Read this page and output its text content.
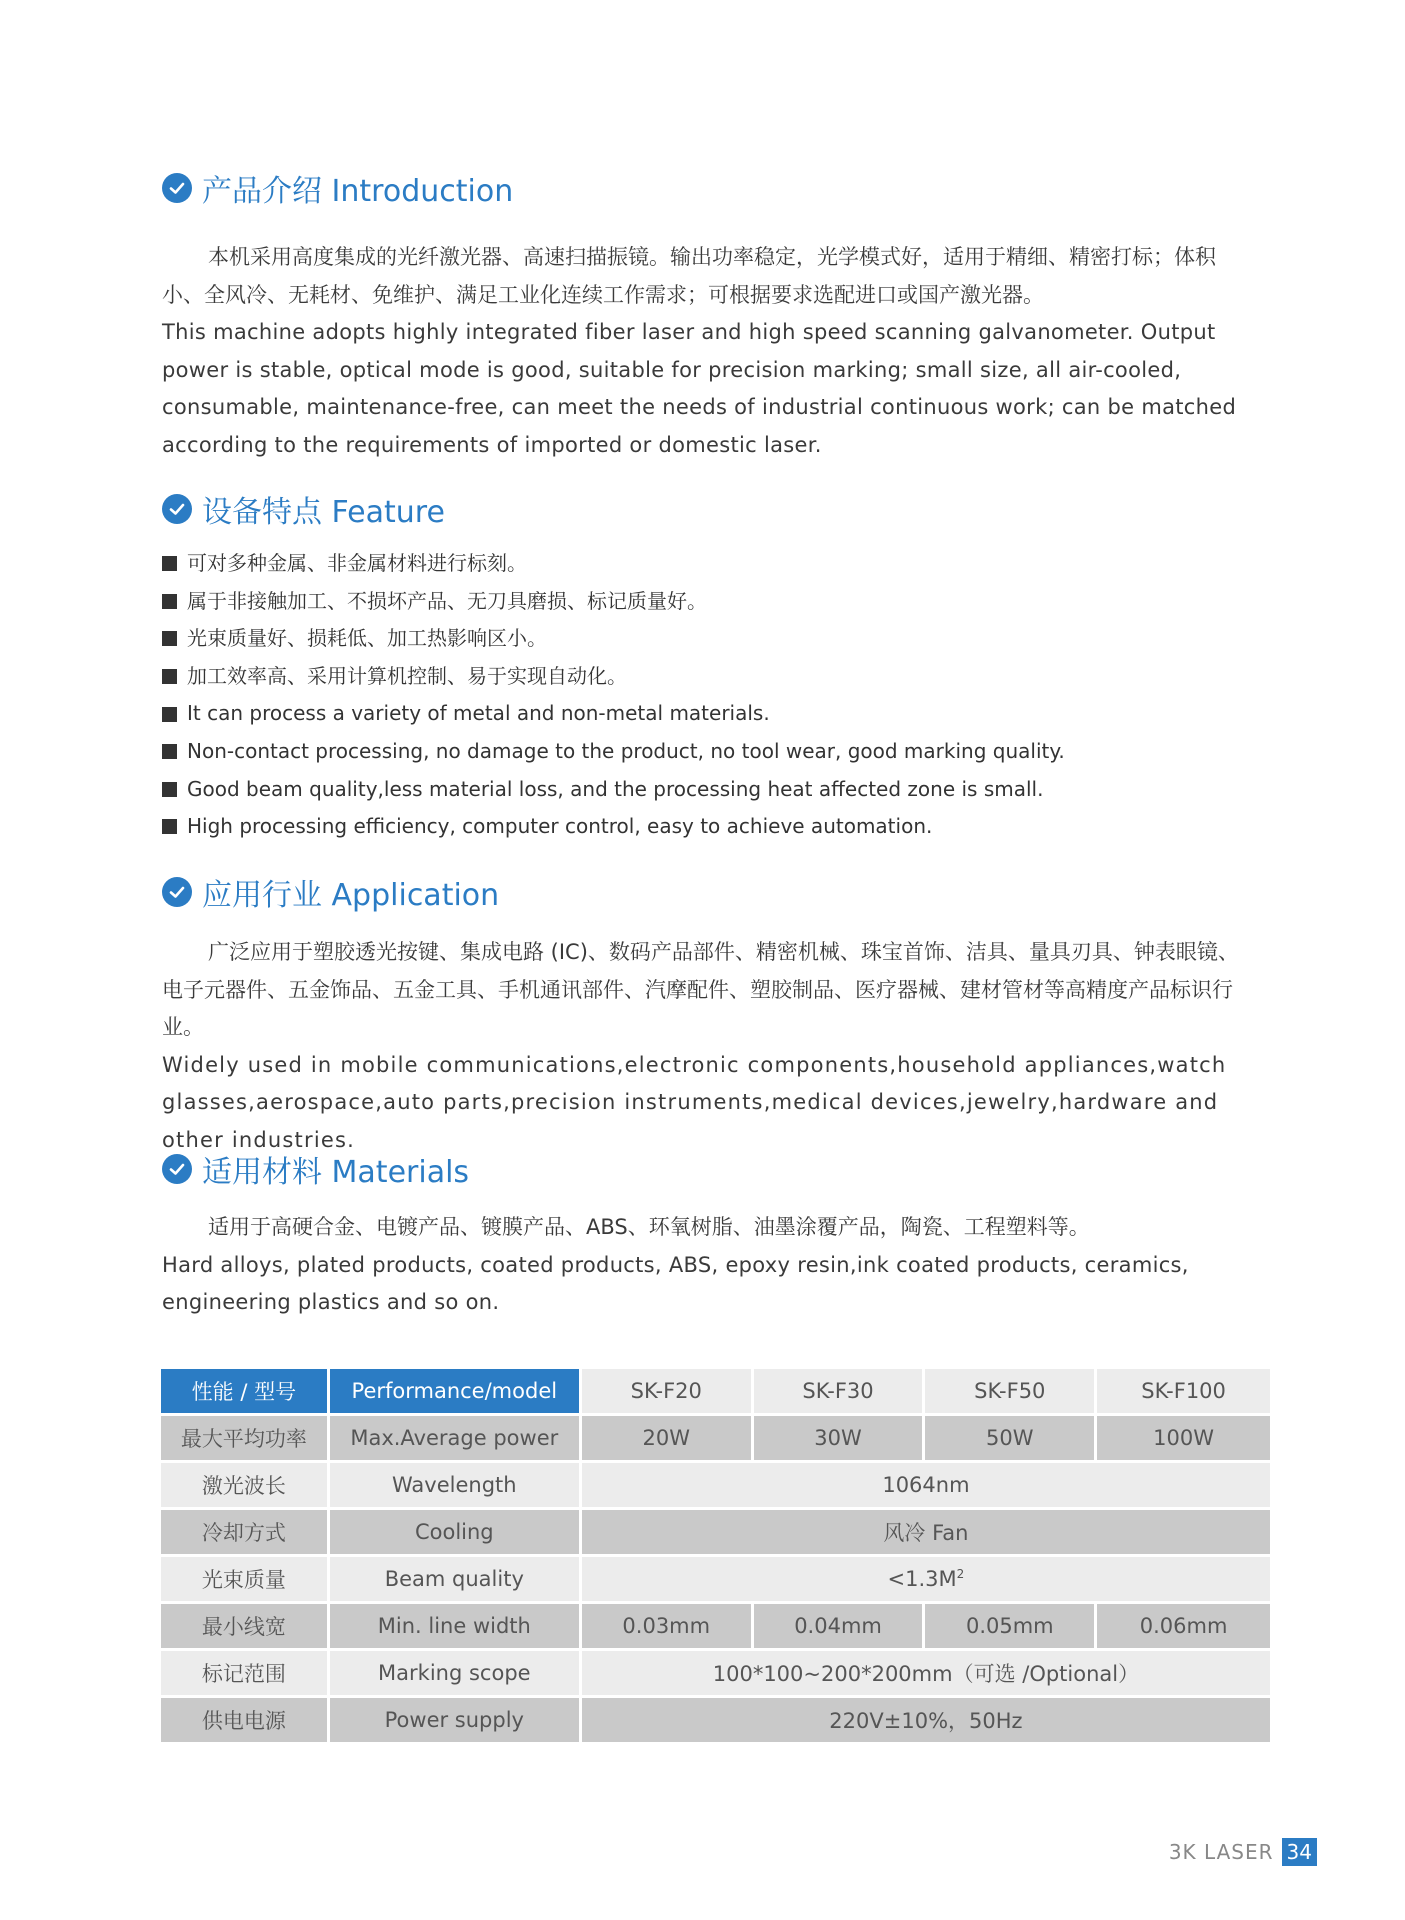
产品介绍 Introduction

本机采用高度集成的光纤激光器、高速扫描振镜。输出功率稳定，光学模式好，适用于精细、精密打标；体积小、全风冷、无耗材、免维护、满足工业化连续工作需求；可根据要求选配进口或国产激光器。

This machine adopts highly integrated fiber laser and high speed scanning galvanometer. Output power is stable, optical mode is good, suitable for precision marking; small size, all air-cooled, consumable, maintenance-free, can meet the needs of industrial continuous work; can be matched according to the requirements of imported or domestic laser.

设备特点 Feature
可对多种金属、非金属材料进行标刻。
属于非接触加工、不损坏产品、无刀具磨损、标记质量好。
光束质量好、损耗低、加工热影响区小。
加工效率高、采用计算机控制、易于实现自动化。
It can process a variety of metal and non-metal materials.
Non-contact processing, no damage to the product, no tool wear, good marking quality.
Good beam quality,less material loss, and the processing heat affected zone is small.
High processing efficiency, computer control, easy to achieve automation.
应用行业 Application

广泛应用于塑胶透光按键、集成电路 (IC)、数码产品部件、精密机械、珠宝首饰、洁具、量具刃具、钟表眼镜、电子元器件、五金饰品、五金工具、手机通讯部件、汽摩配件、塑胶制品、医疗器械、建材管材等高精度产品标识行业。

Widely used in mobile communications,electronic components,household appliances,watch glasses,aerospace,auto parts,precision instruments,medical devices,jewelry,hardware and other industries.

适用材料 Materials

适用于高硬合金、电镀产品、镀膜产品、ABS、环氧树脂、油墨涂覆产品，陶瓷、工程塑料等。

Hard alloys, plated products, coated products, ABS, epoxy resin,ink coated products, ceramics, engineering plastics and so on.

性能 / 型号	Performance/model	SK-F20	SK-F30	SK-F50	SK-F100
最大平均功率	Max.Average power	20W	30W	50W	100W
激光波长	Wavelength	1064nm			
冷却方式	Cooling	风冷 Fan			
光束质量	Beam quality	$<1.3M^2$
最小线宽	Min. line width	0.03mm	0.04mm	0.05mm	0.06mm
标记范围	Marking scope	100*100~200*200mm（可选 /Optional）			
供电电源	Power supply	220V±10%，50Hz			
3K LASER 34
